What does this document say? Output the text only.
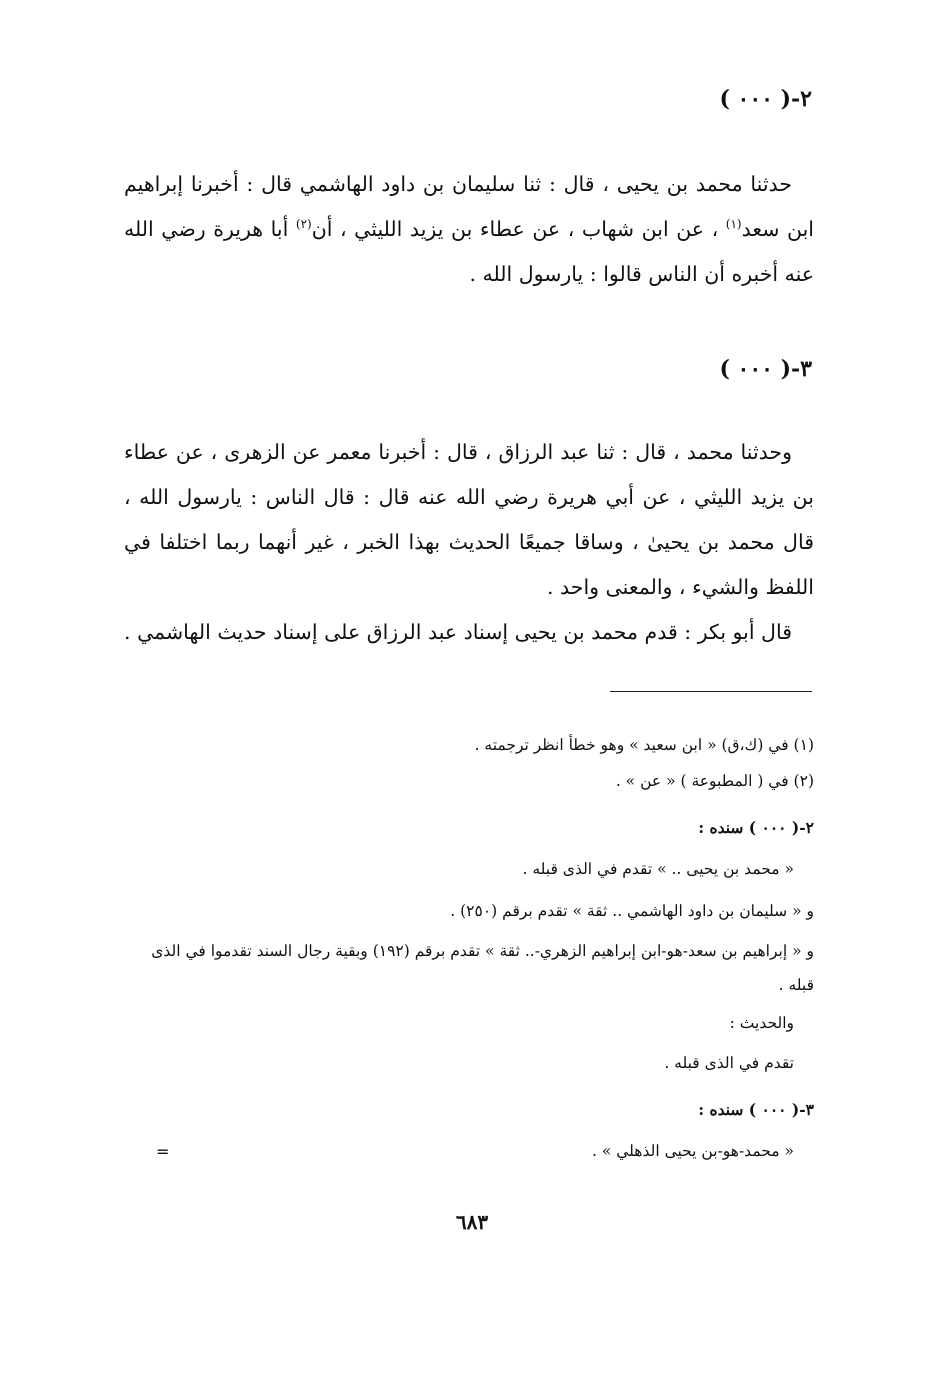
٢-( ٠٠٠ )

حدثنا محمد بن يحيى ، قال : ثنا سليمان بن داود الهاشمي قال : أخبرنا إبراهيم ابن سعد$^{(١)}$ ، عن ابن شهاب ، عن عطاء بن يزيد الليثي ، أن$^{(٢)}$ أبا هريرة رضي الله عنه أخبره أن الناس قالوا : يارسول الله .

٣-( ٠٠٠ )

وحدثنا محمد ، قال : ثنا عبد الرزاق ، قال : أخبرنا معمر عن الزهرى ، عن عطاء بن يزيد الليثي ، عن أبي هريرة رضي الله عنه قال : قال الناس : يارسول الله ، قال محمد بن يحيىٰ ، وساقا جميعًا الحديث بهذا الخبر ، غير أنهما ربما اختلفا في اللفظ والشيء ، والمعنى واحد .

قال أبو بكر : قدم محمد بن يحيى إسناد عبد الرزاق على إسناد حديث الهاشمي .

(١) في (ك،ق) « ابن سعيد » وهو خطأ انظر ترجمته .
(٢) في ( المطبوعة ) « عن » .
٢-( ٠٠٠ ) سنده :
« محمد بن يحيى .. » تقدم في الذى قبله .
و « سليمان بن داود الهاشمي .. ثقة » تقدم برقم (٢٥٠) .
و « إبراهيم بن سعد-هو-ابن إبراهيم الزهري-.. ثقة » تقدم برقم (١٩٢) وبقية رجال السند تقدموا في الذى قبله .
والحديث :
تقدم في الذى قبله .
٣-( ٠٠٠ ) سنده :
« محمد-هو-بن يحيى الذهلي » .
=
٦٨٣
